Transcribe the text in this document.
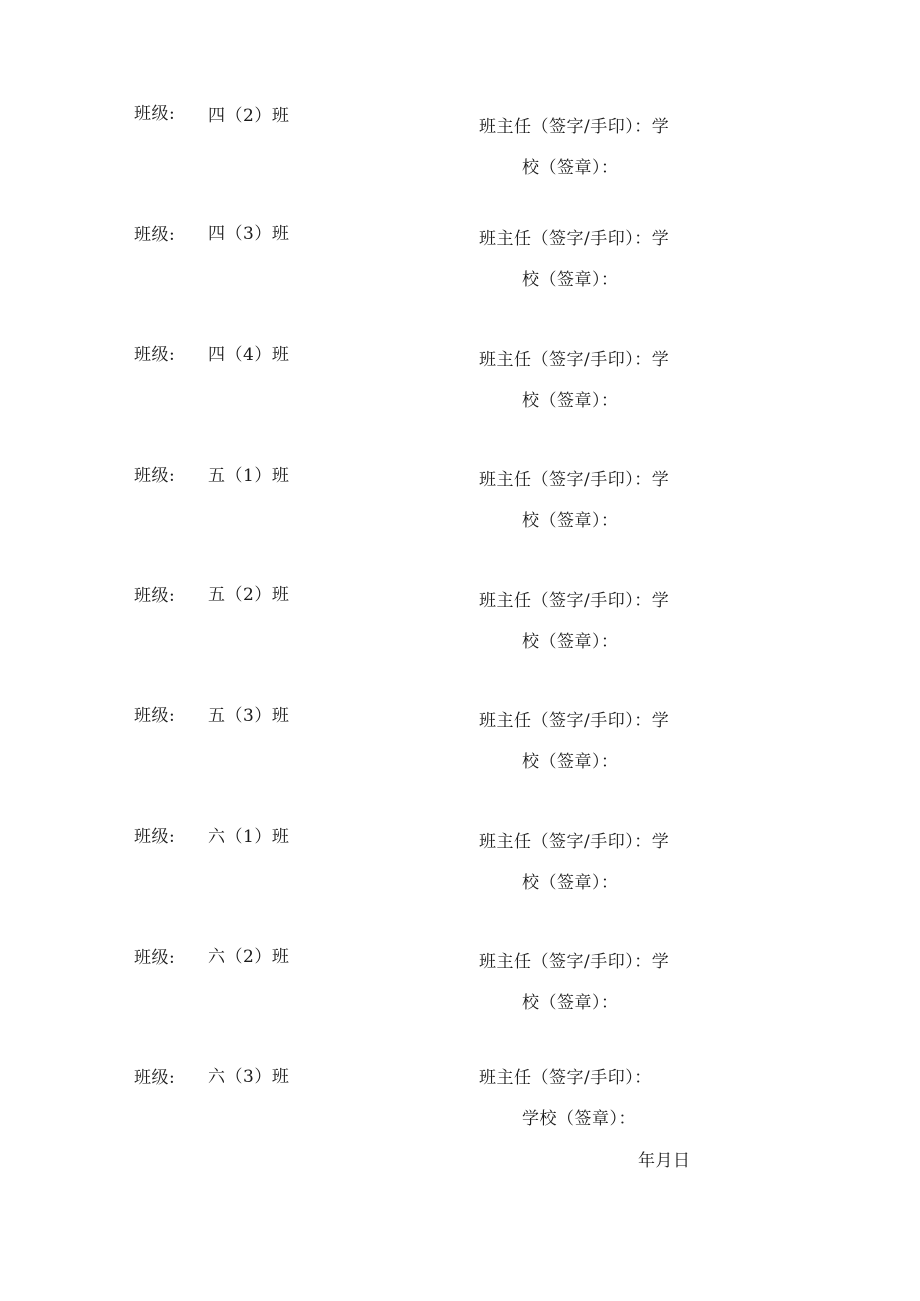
班级: 四（2）班
班主任（签字/手印）：学
校（签章）：
班级: 四（3）班	班主任（签字/手印）：学
校（签章）：
班级: 四（4）班	班主任（签字/手印）：学
校（签章）：
班级: 五（1）班	班主任（签字/手印）：学
校（签章）：
班级: 五（2）班	班主任（签字/手印）：学
校（签章）：
班级: 五（3）班	班主任（签字/手印）：学
校（签章）：
班级: 六（1）班	班主任（签字/手印）：学
校（签章）：
班级: 六（2）班	班主任（签字/手印）：学
校（签章）：
班级: 六（3）班	班主任（签字/手印）：
学校（签章）：
年月日
